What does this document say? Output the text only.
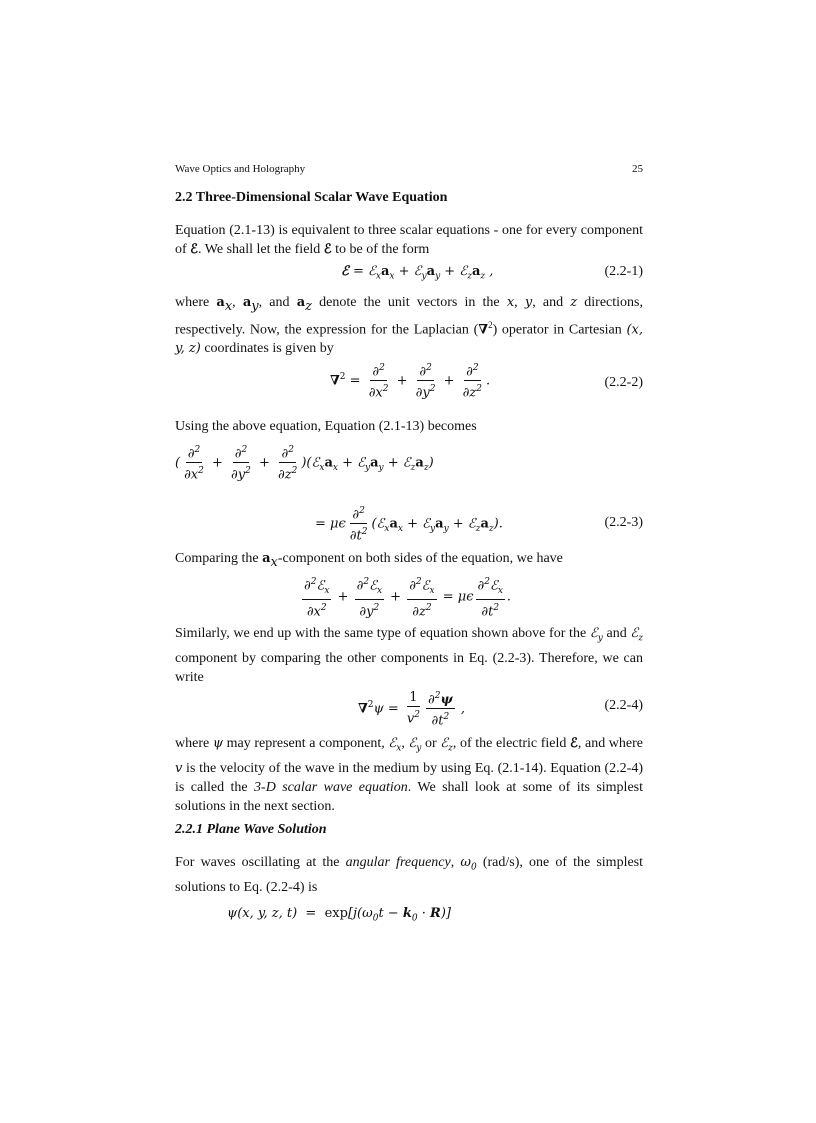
Wave Optics and Holography	25
2.2 Three-Dimensional Scalar Wave Equation
Equation (2.1-13) is equivalent to three scalar equations - one for every component of ℰ. We shall let the field ℰ to be of the form
ℰ = $ℰ_xa_x$ + $ℰ_ya_y$ + $ℰ_za_z$ ,	(2.2-1)
where $a_x$, $a_y$, and $a_z$ denote the unit vectors in the x, y, and z directions, respectively. Now, the expression for the Laplacian (∇$^2$) operator in Cartesian (x, y, z) coordinates is given by
$\nabla^2 = \frac{\partial^2}{\partial x^2} + \frac{\partial^2}{\partial y^2} + \frac{\partial^2}{\partial z^2}$ .	(2.2-2)
Using the above equation, Equation (2.1-13) becomes
( $\frac{\partial^2}{\partial x^2} + \frac{\partial^2}{\partial y^2} + \frac{\partial^2}{\partial z^2}$ )($ℰ_xa_x$ + $ℰ_ya_y$ + $ℰ_za_z$)
= μϵ $\frac{\partial^2}{\partial t^2}$ ($ℰ_xa_x$ + $ℰ_ya_y$ + $ℰ_za_z$).	(2.2-3)
Comparing the $a_x$-component on both sides of the equation, we have
$\frac{\partial^2ℰ_x}{\partial x^2} + \frac{\partial^2ℰ_x}{\partial y^2} + \frac{\partial^2ℰ_x}{\partial z^2} = \mu\epsilon \frac{\partial^2ℰ_x}{\partial t^2}$ .
Similarly, we end up with the same type of equation shown above for the ℰ$_y$ and ℰ$_z$ component by comparing the other components in Eq. (2.2-3). Therefore, we can write
$\nabla^2\psi = \frac{1}{v^2} \frac{\partial^2\psi}{\partial t^2}$ ,	(2.2-4)
where ψ may represent a component, ℰ$_x$, ℰ$_y$ or ℰ$_z$, of the electric field ℰ, and where v is the velocity of the wave in the medium by using Eq. (2.1-14). Equation (2.2-4) is called the 3-D scalar wave equation. We shall look at some of its simplest solutions in the next section.
2.2.1 Plane Wave Solution
For waves oscillating at the angular frequency, $\omega_0$ (rad/s), one of the simplest solutions to Eq. (2.2-4) is
ψ(x, y, z, $t) = \exp[j(\omega_0t - k_0 \cdot R)]$
